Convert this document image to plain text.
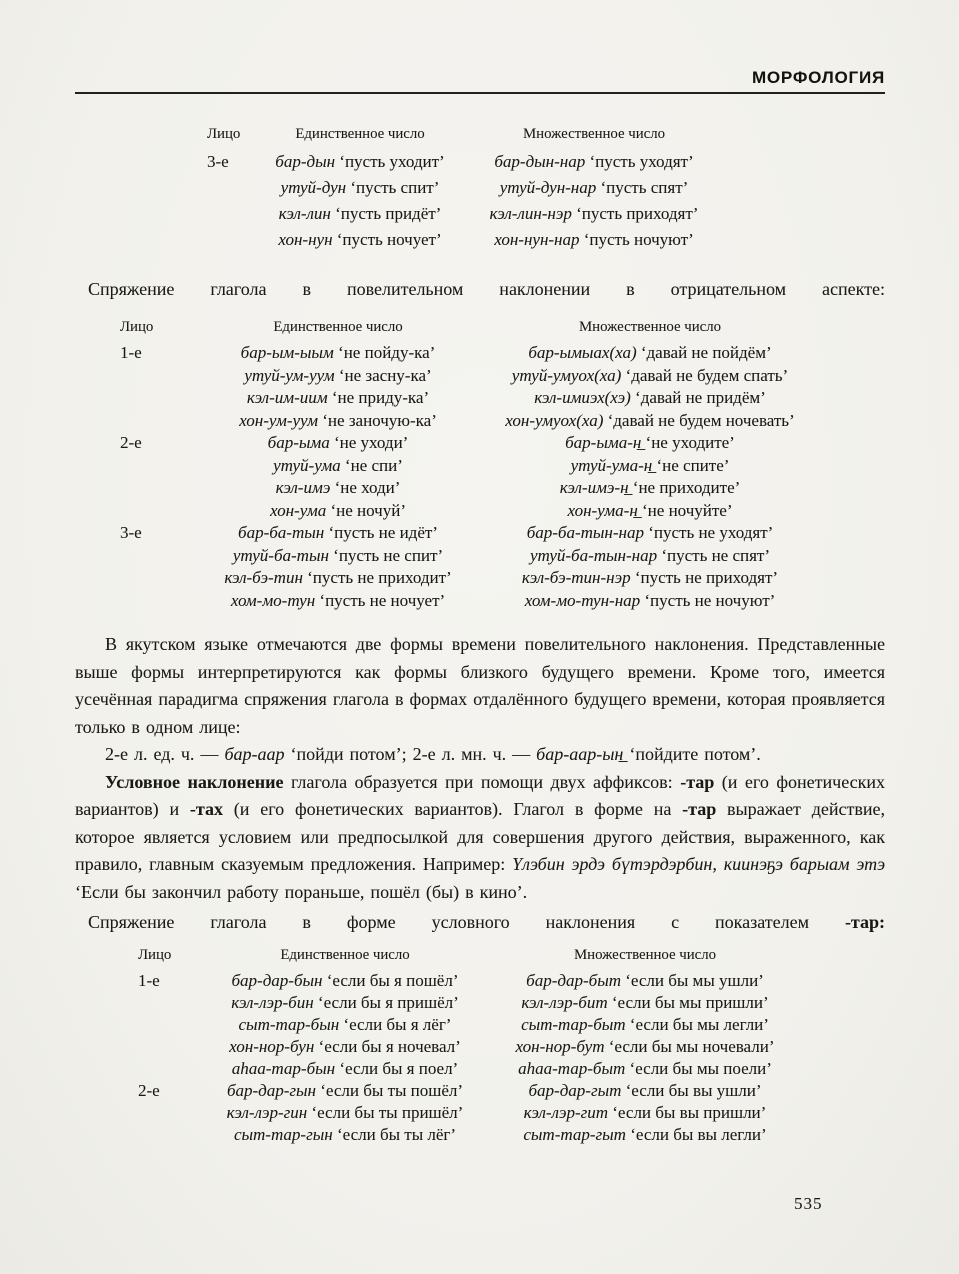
МОРФОЛОГИЯ
Лицо	Единственное число	Множественное число
3-е	бар-дын ‘пусть уходит’	бар-дын-нар ‘пусть уходят’
утуй-дун ‘пусть спит’	утуй-дун-нар ‘пусть спят’
кэл-лин ‘пусть придёт’	кэл-лин-нэр ‘пусть приходят’
хон-нун ‘пусть ночует’	хон-нун-нар ‘пусть ночуют’

Спряжение глагола в повелительном наклонении в отрицательном аспекте:

Лицо	Единственное число	Множественное число
1-е	бар-ым-ыым ‘не пойду-ка’	бар-ымыах(ха) ‘давай не пойдём’
утуй-ум-уум ‘не засну-ка’	утуй-умуох(ха) ‘давай не будем спать’
кэл-им-иим ‘не приду-ка’	кэл-имиэх(хэ) ‘давай не придём’
хон-ум-уум ‘не заночую-ка’	хон-умуох(ха) ‘давай не будем ночевать’
2-е	бар-ыма ‘не уходи’	бар-ыма-н̲ ‘не уходите’
утуй-ума ‘не спи’	утуй-ума-н̲ ‘не спите’
кэл-имэ ‘не ходи’	кэл-имэ-н̲ ‘не приходите’
хон-ума ‘не ночуй’	хон-ума-н̲ ‘не ночуйте’
3-е	бар-ба-тын ‘пусть не идёт’	бар-ба-тын-нар ‘пусть не уходят’
утуй-ба-тын ‘пусть не спит’	утуй-ба-тын-нар ‘пусть не спят’
кэл-бэ-тин ‘пусть не приходит’	кэл-бэ-тин-нэр ‘пусть не приходят’
хом-мо-тун ‘пусть не ночует’	хом-мо-тун-нар ‘пусть не ночуют’

В якутском языке отмечаются две формы времени повелительного наклонения. Представленные выше формы интерпретируются как формы близкого будущего времени. Кроме того, имеется усечённая парадигма спряжения глагола в формах отдалённого будущего времени, которая проявляется только в одном лице:

2-е л. ед. ч. — бар-аар ‘пойди потом’; 2-е л. мн. ч. — бар-аар-ын̲ ‘пойдите потом’.

Условное наклонение глагола образуется при помощи двух аффиксов: -тар (и его фонетических вариантов) и -тах (и его фонетических вариантов). Глагол в форме на -тар выражает действие, которое является условием или предпосылкой для совершения другого действия, выраженного, как правило, главным сказуемым предложения. Например: Үлэбин эрдэ бүтэрдэрбин, киинэҕэ барыам этэ ‘Если бы закончил работу пораньше, пошёл (бы) в кино’.

Спряжение глагола в форме условного наклонения с показателем -тар:

Лицо	Единственное число	Множественное число
1-е	бар-дар-бын ‘если бы я пошёл’	бар-дар-быт ‘если бы мы ушли’
кэл-лэр-бин ‘если бы я пришёл’	кэл-лэр-бит ‘если бы мы пришли’
сыт-тар-бын ‘если бы я лёг’	сыт-тар-быт ‘если бы мы легли’
хон-нор-бун ‘если бы я ночевал’	хон-нор-бут ‘если бы мы ночевали’
аһаа-тар-бын ‘если бы я поел’	аһаа-тар-быт ‘если бы мы поели’
2-е	бар-дар-гын ‘если бы ты пошёл’	бар-дар-гыт ‘если бы вы ушли’
кэл-лэр-гин ‘если бы ты пришёл’	кэл-лэр-гит ‘если бы вы пришли’
сыт-тар-гын ‘если бы ты лёг’	сыт-тар-гыт ‘если бы вы легли’
535
